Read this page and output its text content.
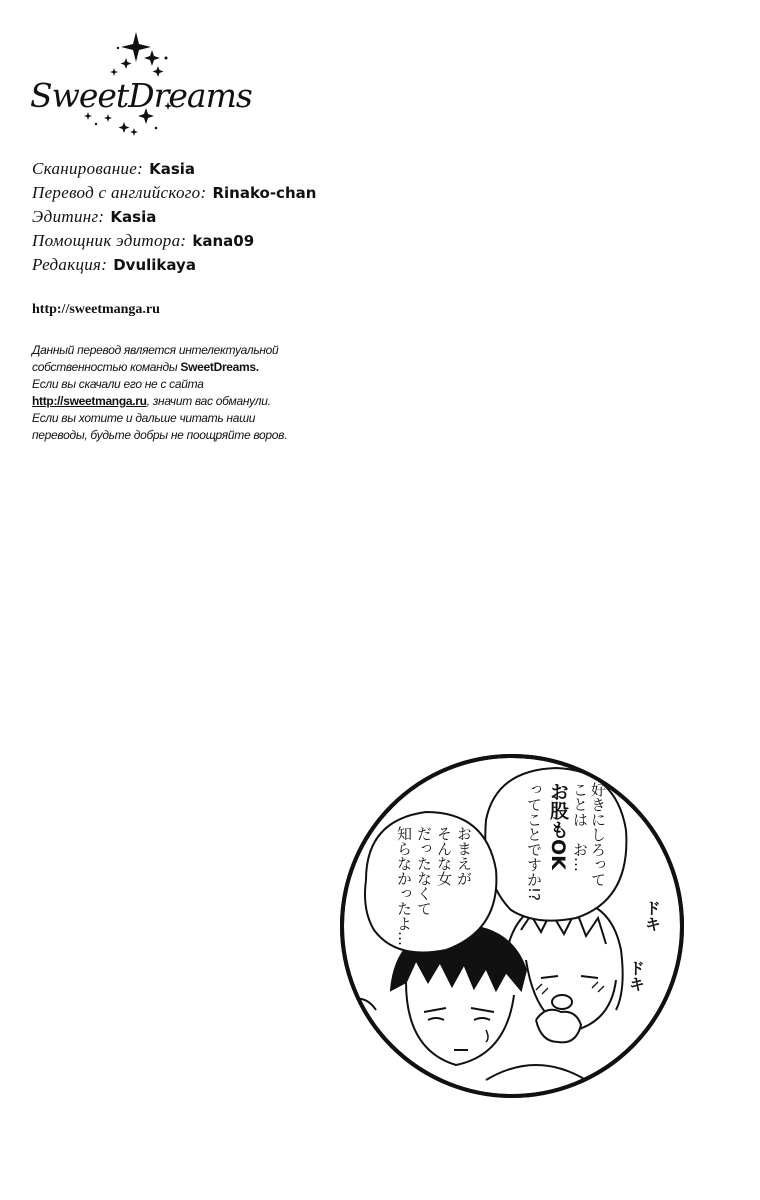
SweetDreams
Сканирование: Kasia
Перевод с английского: Rinako-chan
Эдитинг: Kasia
Помощник эдитора: kana09
Редакция: Dvulikaya
http://sweetmanga.ru
Данный перевод является интелектуальной
собственностью команды SweetDreams.
Если вы скачали его не с сайта
http://sweetmanga.ru, значит вас обманули.
Если вы хотите и дальше читать наши
переводы, будьте добры не поощряйте воров.
好きにしろって
ことは　お…
お股もOK
ってことですか!?
おまえが
そんな女
だったなくて
知らなかったよ…	ドキ
ドキ
